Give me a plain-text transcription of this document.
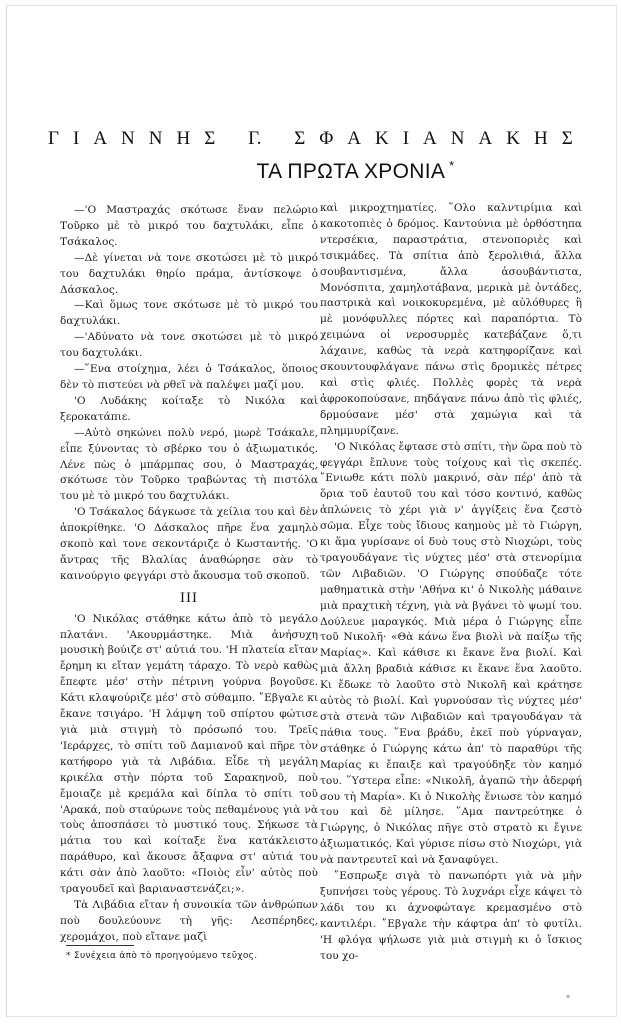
·
Γ Ι Α Ν Ν Η Σ
Γ.
Σ Φ Α Κ Ι Α Ν Α Κ Η Σ
ΤΑ ΠΡΩΤΑ ΧΡΟΝΙΑ *

—'Ο Μαστραχάς σκότωσε ἕναν πελώριο Τοῦρκο μὲ τὸ μικρό του δαχτυλάκι, εἶπε ὁ Τσάκαλος.

—Δὲ γίνεται νὰ τονε σκοτώσει μὲ τὸ μικρό του δαχτυλάκι θηρίο πράμα, ἀντίσκοψε ὁ Δάσκαλος.

—Καὶ ὅμως τονε σκότωσε μὲ τὸ μικρό του δαχτυλάκι.

—'Αδύνατο νὰ τονε σκοτώσει μὲ τὸ μικρό του δαχτυλάκι.

—῞Ενα στοίχημα, λέει ὁ Τσάκαλος, ὅποιος δὲν τὸ πιστεύει νὰ ρθεῖ νὰ παλέψει μαζί μου.

'Ο Λυδάκης κοίταξε τὸ Νικόλα καὶ ξεροκατάπιε.

—Αὐτὸ σηκώνει πολὺ νερό, μωρὲ Τσάκαλε, εἶπε ξύνοντας τὸ σβέρκο του ὁ ἀξιωματικός. Λένε πὼς ὁ μπάρμπας σου, ὁ Μαστραχάς, σκότωσε τὸν Τοῦρκο τραβώντας τὴ πιστόλα του μὲ τὸ μικρό του δαχτυλάκι.

'Ο Τσάκαλος δάγκωσε τὰ χείλια του καὶ δὲν ἀποκρίθηκε. 'Ο Δάσκαλος πῆρε ἕνα χαμηλὸ σκοπὸ καὶ τονε σεκοντάριζε ὁ Κωσταντής. 'Ο ἄντρας τῆς Βλαλίας ἀναθώρησε σὰν τὸ καινούργιο φεγγάρι στὸ ἄκουσμα τοῦ σκοποῦ.

III

'Ο Νικόλας στάθηκε κάτω ἀπὸ τὸ μεγάλο πλατάνι. 'Ακουρμάστηκε. Μιὰ ἀνήσυχη μουσικὴ βούιζε στ' αὐτιά του. 'Η πλατεία εἴταν ἔρημη κι εἴταν γεμάτη τάραχο. Τὸ νερὸ καθὼς ἔπεφτε μέσ' στὴν πέτρινη γούρνα βογοῦσε. Κάτι κλαψούριζε μέσ' στὸ σύθαμπο. ῎Εβγαλε κι ἔκανε τσιγάρο. 'Η λάμψη τοῦ σπίρτου φώτισε γιὰ μιὰ στιγμὴ τὸ πρόσωπό του. Τρεῖς 'Ιεράρχες, τὸ σπίτι τοῦ Δαμιανοῦ καὶ πῆρε τὸν κατήφορο γιὰ τὰ Λιβάδια. Εἶδε τὴ μεγάλη κρικέλα στὴν πόρτα τοῦ Σαρακηνοῦ, ποὺ ἔμοιαζε μὲ κρεμάλα καὶ δίπλα τὸ σπίτι τοῦ 'Αρακά, ποὺ σταύρωνε τοὺς πεθαμένους γιὰ νὰ τοὺς ἀποσπάσει τὸ μυστικό τους. Σήκωσε τὰ μάτια του καὶ κοίταξε ἕνα κατάκλειστο παράθυρο, καὶ ἄκουσε ἄξαφνα στ' αὐτιά του κάτι σὰν ἀπὸ λαοῦτο: «Ποιὸς εἶν' αὐτὸς ποὺ τραγουδεῖ καὶ βαριαναστενάζει;».

Τὰ Λιβάδια εἴταν ἡ συνοικία τῶν ἀνθρώπων ποὺ δουλεύουνε τὴ γῆς: Λεσπέρηδες, χερομάχοι, ποὺ εἴτανε μαζὶ

καὶ μικροχτηματίες. ῞Ολο καλντιρίμια καὶ κακοτοπιὲς ὁ δρόμος. Καντούνια μὲ ὀρθόστηπα ντερσέκια, παραστράτια, στενοποριὲς καὶ τσικμάδες. Τὰ σπίτια ἀπὸ ξερολιθιά, ἄλλα σουβαντισμένα, ἄλλα ἀσουβάντιστα, Μονόσπιτα, χαμηλοτάβανα, μερικὰ μὲ ὀντάδες, παστρικὰ καὶ νοικοκυρεμένα, μὲ αὐλόθυρες ἢ μὲ μονόφυλλες πόρτες καὶ παραπόρτια. Τὸ χειμώνα οἱ νεροσυρμὲς κατεβάζανε ὅ,τι λάχαινε, καθὼς τὰ νερὰ κατηφορίζανε καὶ σκουντουφλάγανε πάνω στὶς δρομικὲς πέτρες καὶ στὶς φλιές. Πολλὲς φορὲς τὰ νερὰ ἀφροκοπούσανε, πηδάγανε πάνω ἀπὸ τὶς φλιές, δρμούσανε μέσ' στὰ χαμώγια καὶ τὰ πλημμυρίζανε.

'Ο Νικόλας ἔφτασε στὸ σπίτι, τὴν ὥρα ποὺ τὸ φεγγάρι ἔπλυνε τοὺς τοίχους καὶ τὶς σκεπές. ῎Ενιωθε κάτι πολὺ μακρινό, σὰν πέρ' ἀπὸ τὰ ὅρια τοῦ ἑαυτοῦ του καὶ τόσο κοντινό, καθὼς ἁπλώνεις τὸ χέρι γιὰ ν' ἀγγίξεις ἕνα ζεστὸ σῶμα. Εἶχε τοὺς ἴδιους καημοὺς μὲ τὸ Γιώργη, κι ἅμα γυρίσανε οἱ δυὸ τους στὸ Νιοχώρι, τοὺς τραγουδάγανε τὶς νύχτες μέσ' στὰ στενορίμια τῶν Λιβαδιῶν. 'Ο Γιώργης σπούδαζε τότε μαθηματικὰ στὴν 'Αθήνα κι' ὁ Νικολὴς μάθαινε μιὰ πραχτικὴ τέχνη, γιὰ νὰ βγάνει τὸ ψωμί του. Δούλευε μαραγκός. Μιὰ μέρα ὁ Γιώργης εἶπε τοῦ Νικολῆ· «Θὰ κάνω ἕνα βιολὶ νὰ παίξω τῆς Μαρίας». Καὶ κάθισε κι ἔκανε ἕνα βιολί. Καὶ μιὰ ἄλλη βραδιὰ κάθισε κι ἔκανε ἕνα λαοῦτο. Κι ἔδωκε τὸ λαοῦτο στὸ Νικολῆ καὶ κράτησε αὐτὸς τὸ βιολί. Καὶ γυρνούσαν τὶς νύχτες μέσ' στὰ στενὰ τῶν Λιβαδιῶν καὶ τραγουδάγαν τὰ πάθια τους. ῞Ενα βράδυ, ἐκεῖ ποὺ γύρναγαν, στάθηκε ὁ Γιώργης κάτω ἀπ' τὸ παραθύρι τῆς Μαρίας κι ἔπαιξε καὶ τραγούδηξε τὸν καημό του. ῞Υστερα εἶπε: «Νικολῆ, ἀγαπῶ τὴν ἀδερφή σου τὴ Μαρία». Κι ὁ Νικολὴς ἔνιωσε τὸν καημό του καὶ δὲ μίλησε. ῞Αμα παντρεύτηκε ὁ Γιώργης, ὁ Νικόλας πῆγε στὸ στρατὸ κι ἔγινε ἀξιωματικός. Καὶ γύρισε πίσω στὸ Νιοχώρι, γιὰ νὰ παντρευτεῖ καὶ νὰ ξαναφύγει.

῎Εσπρωξε σιγὰ τὸ πανωπόρτι γιὰ νὰ μὴν ξυπνήσει τοὺς γέρους. Τὸ λυχνάρι εἶχε κάψει τὸ λάδι του κι ἀχνοφώταγε κρεμασμένο στὸ καντιλέρι. ῎Εβγαλε τὴν κάφτρα ἀπ' τὸ φυτίλι. 'Η φλόγα ψήλωσε γιὰ μιὰ στιγμὴ κι ὁ ἴσκιος του χο-

* Συνέχεια ἀπὸ τὸ προηγούμενο τεῦχος.
▪
